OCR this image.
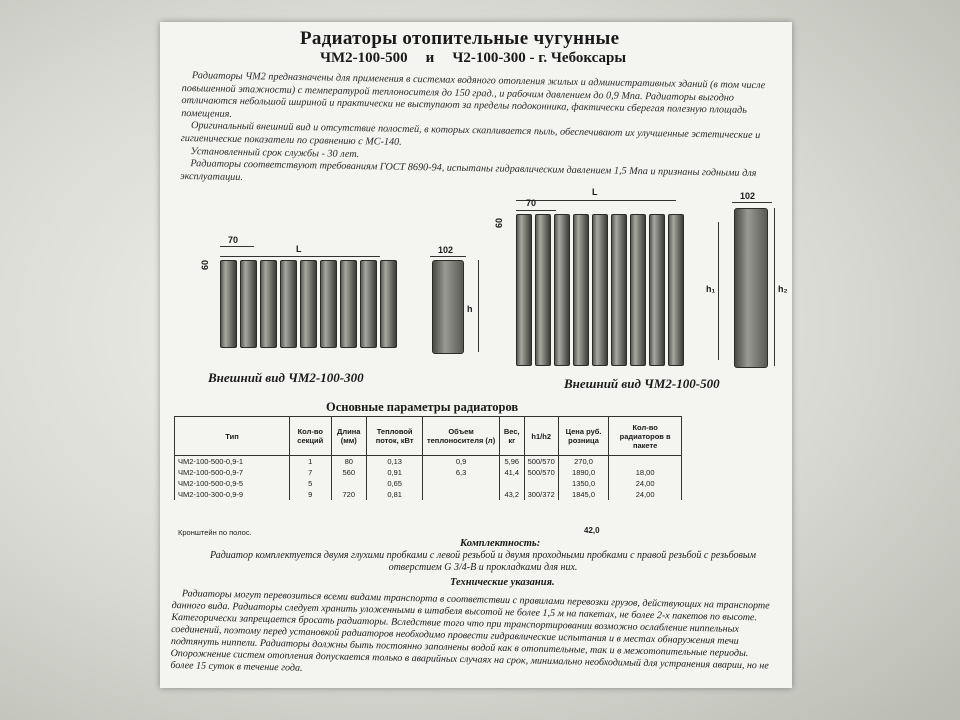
Радиаторы отопительные чугунные
ЧМ2-100-500 и Ч2-100-300 - г. Чебоксары

Радиаторы ЧМ2 предназначены для применения в системах водяного отопления жилых и административных зданий (в том числе повышенной этажности) с температурой теплоносителя до 150 град., и рабочим давлением до 0,9 Мпа. Радиаторы выгодно отличаются небольшой шириной и практически не выступают за пределы подоконника, фактически сберегая полезную площадь помещения.

Оригинальный внешний вид и отсутствие полостей, в которых скапливается пыль, обеспечивают их улучшенные эстетические и гигиенические показатели по сравнению с МС-140.

Установленный срок службы - 30 лет.

Радиаторы соответствуют требованиям ГОСТ 8690-94, испытаны гидравлическим давлением 1,5 Мпа и признаны годными для эксплуатации.

70
L
60
102
h
Внешний вид ЧМ2-100-300
L
70
60
102
h₁	h₂
Внешний вид ЧМ2-100-500
Основные параметры радиаторов
Тип	Кол-во секций	Длина (мм)	Тепловой поток, кВт	Объем теплоносителя (л)	Вес, кг	h1/h2	Цена руб. розница	Кол-во радиаторов в пакете
ЧМ2-100-500-0,9-1	1	80	0,13	0,9	5,96	500/570	270,0	
ЧМ2-100-500-0,9-7	7	560	0,91	6,3	41,4	500/570	1890,0	18,00
ЧМ2-100-500-0,9-5	5		0,65				1350,0	24,00
ЧМ2-100-300-0,9-9	9	720	0,81		43,2	300/372	1845,0	24,00
Кронштейн по полос.	42,0
Комплектность:
Радиатор комплектуется двумя глухими пробками с левой резьбой и двумя проходными пробками с правой резьбой с резьбовым отверстием G 3/4-B и прокладками для них.
Технические указания.

Радиаторы могут перевозиться всеми видами транспорта в соответствии с правилами перевозки грузов, действующих на транспорте данного вида. Радиаторы следует хранить уложенными в штабеля высотой не более 1,5 м на пакетах, не более 2-х пакетов по высоте. Категорически запрещается бросать радиаторы. Вследствие того что при транспортировании возможно ослабление ниппельных соединений, поэтому перед установкой радиаторов необходимо провести гидравлические испытания и в местах обнаружения течи подтянуть ниппели. Радиаторы должны быть постоянно заполнены водой как в отопительные, так и в межотопительные периоды. Опорожнение систем отопления допускается только в аварийных случаях на срок, минимально необходимый для устранения аварии, но не более 15 суток в течение года.
